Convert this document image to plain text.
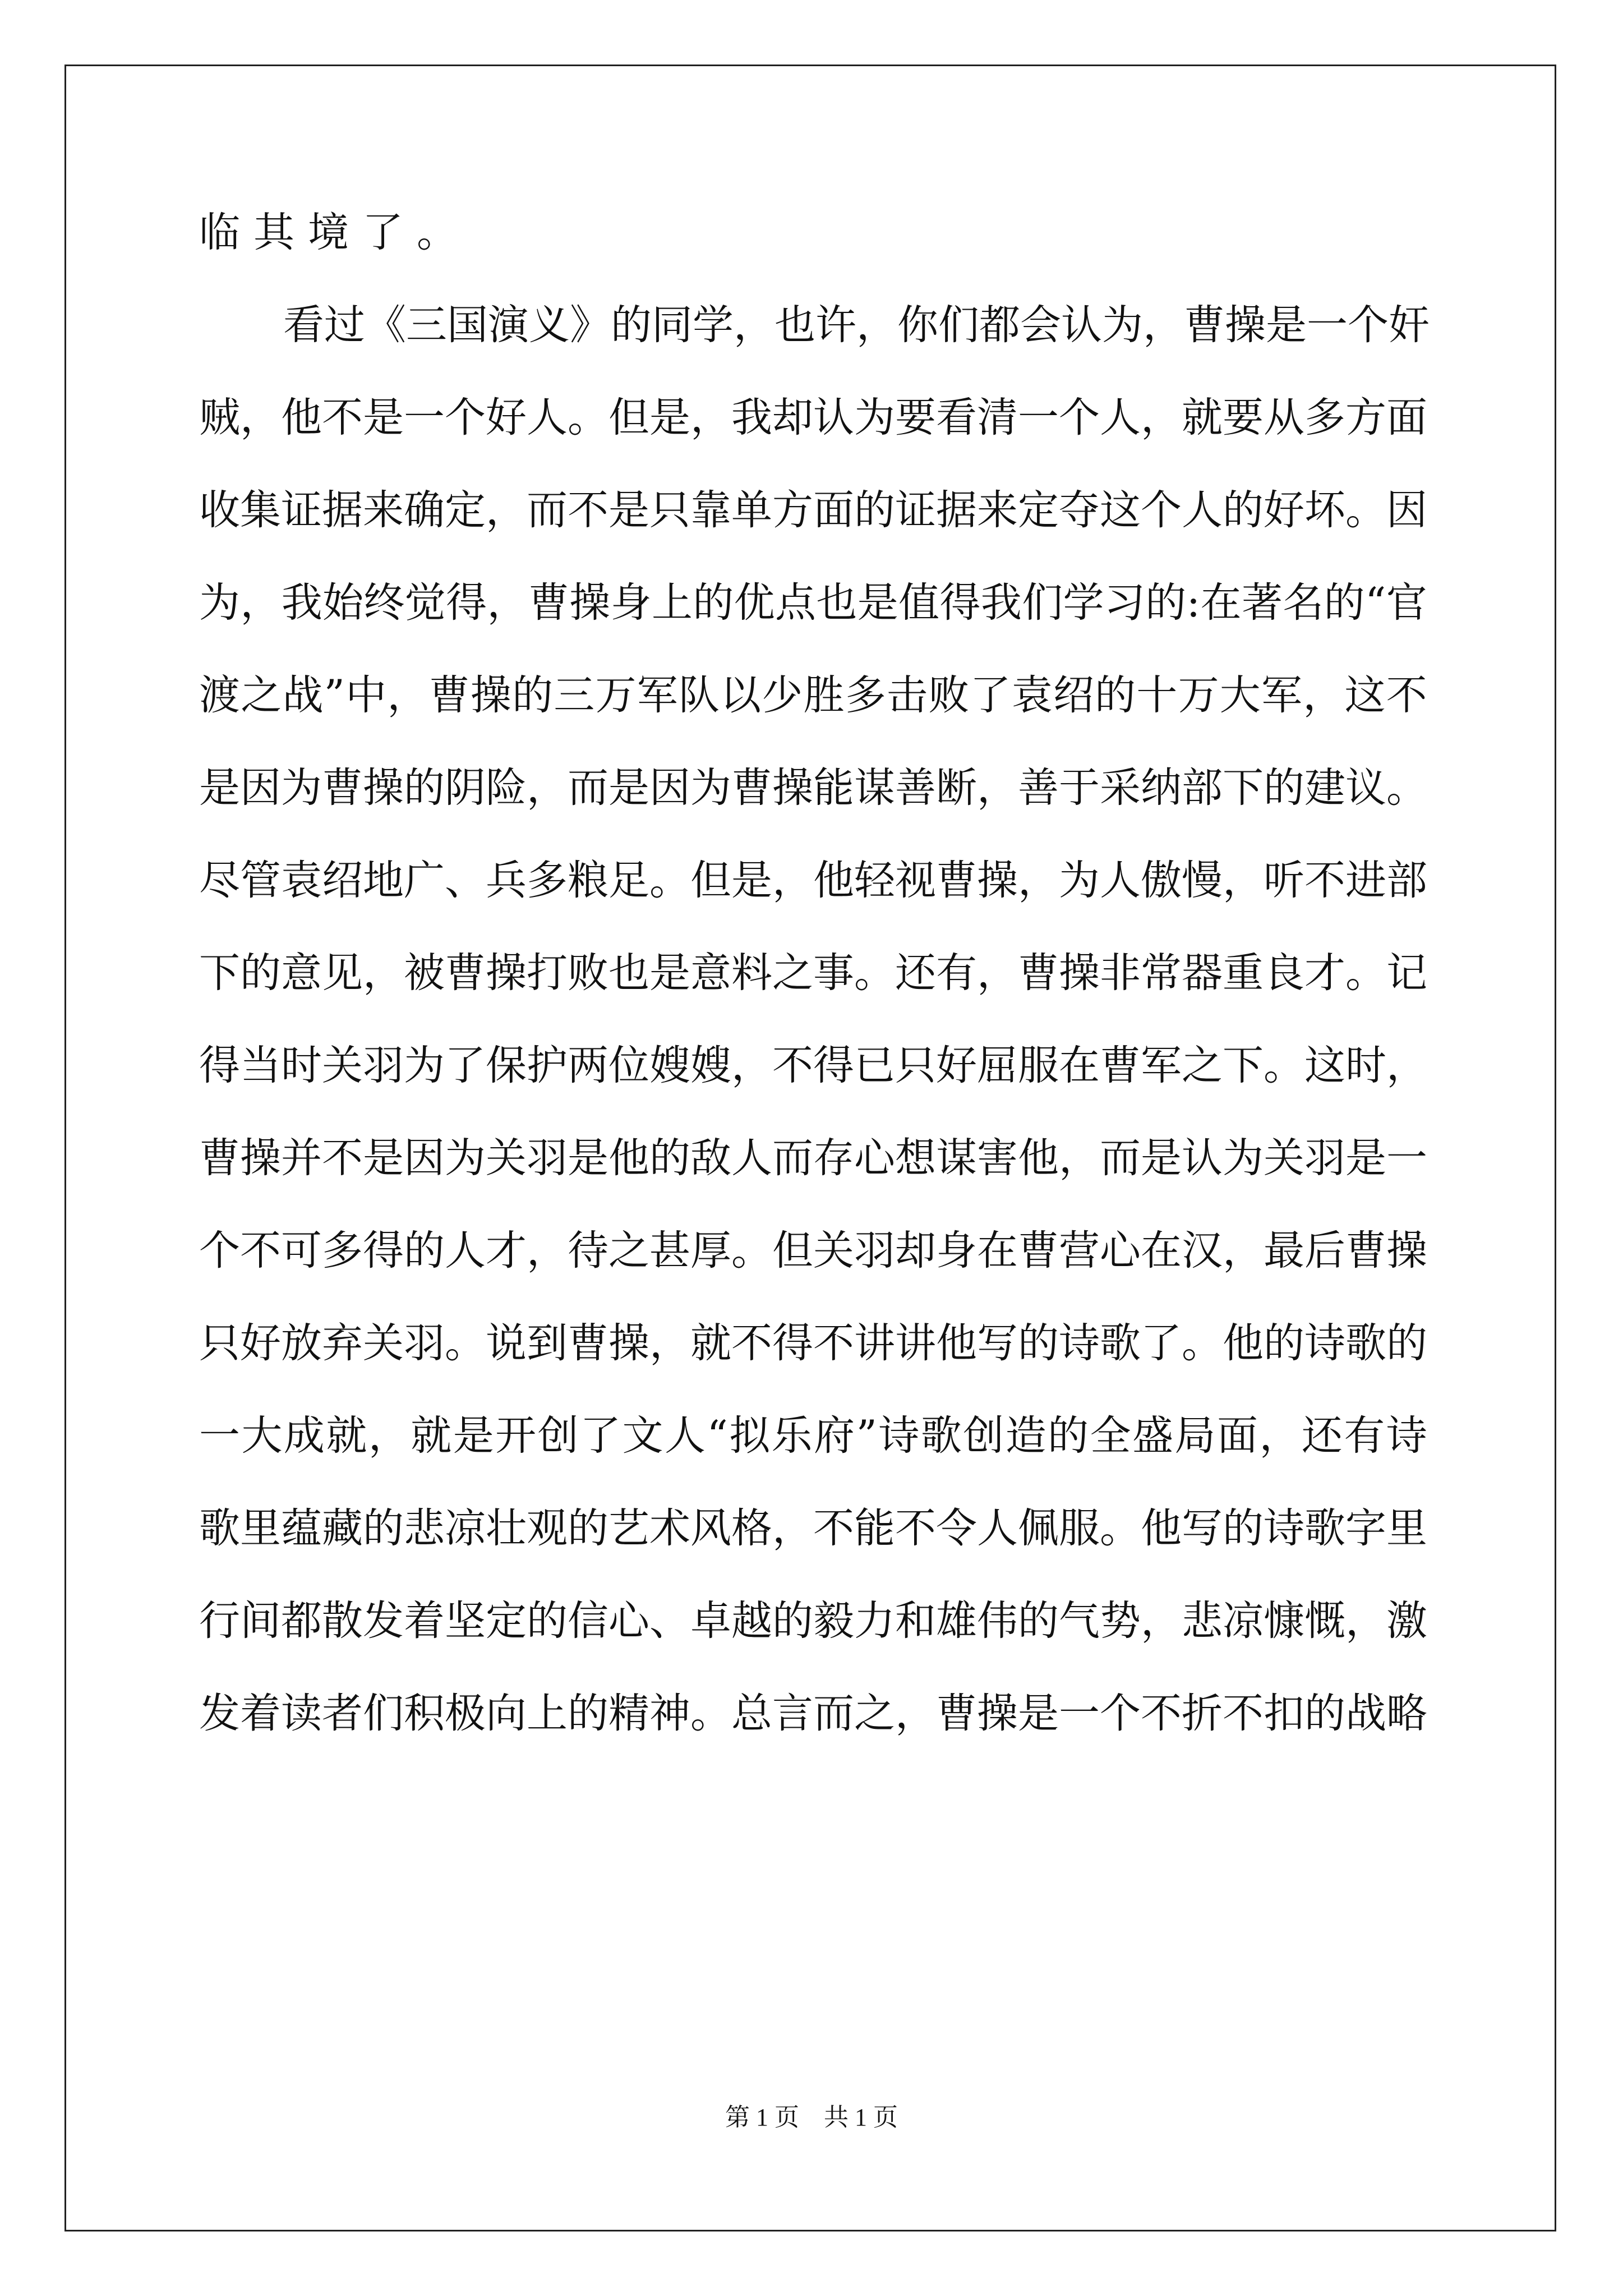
临其境了。
看 过 《 三 国 演 义 》 的 同 学 ， 也 许 ， 你 们 都 会 认 为 ， 曹 操 是 一 个 奸
贼 ， 他 不 是 一 个 好 人 。 但 是 ， 我 却 认 为 要 看 清 一 个 人 ， 就 要 从 多 方 面
收 集 证 据 来 确 定 ， 而 不 是 只 靠 单 方 面 的 证 据 来 定 夺 这 个 人 的 好 坏 。 因
为 ， 我 始 终 觉 得 ， 曹 操 身 上 的 优 点 也 是 值 得 我 们 学 习 的 : 在 著 名 的 “ 官
渡 之 战 ” 中 ， 曹 操 的 三 万 军 队 以 少 胜 多 击 败 了 袁 绍 的 十 万 大 军 ， 这 不
是 因 为 曹 操 的 阴 险 ， 而 是 因 为 曹 操 能 谋 善 断 ， 善 于 采 纳 部 下 的 建 议 。
尽 管 袁 绍 地 广 、 兵 多 粮 足 。 但 是 ， 他 轻 视 曹 操 ， 为 人 傲 慢 ， 听 不 进 部
下 的 意 见 ， 被 曹 操 打 败 也 是 意 料 之 事 。 还 有 ， 曹 操 非 常 器 重 良 才 。 记
得 当 时 关 羽 为 了 保 护 两 位 嫂 嫂 ， 不 得 已 只 好 屈 服 在 曹 军 之 下 。 这 时 ，
曹 操 并 不 是 因 为 关 羽 是 他 的 敌 人 而 存 心 想 谋 害 他 ， 而 是 认 为 关 羽 是 一
个 不 可 多 得 的 人 才 ， 待 之 甚 厚 。 但 关 羽 却 身 在 曹 营 心 在 汉 ， 最 后 曹 操
只 好 放 弃 关 羽 。 说 到 曹 操 ， 就 不 得 不 讲 讲 他 写 的 诗 歌 了 。 他 的 诗 歌 的
一 大 成 就 ， 就 是 开 创 了 文 人 “ 拟 乐 府 ” 诗 歌 创 造 的 全 盛 局 面 ， 还 有 诗
歌 里 蕴 藏 的 悲 凉 壮 观 的 艺 术 风 格 ， 不 能 不 令 人 佩 服 。 他 写 的 诗 歌 字 里
行 间 都 散 发 着 坚 定 的 信 心 、 卓 越 的 毅 力 和 雄 伟 的 气 势 ， 悲 凉 慷 慨 ， 激
发 着 读 者 们 积 极 向 上 的 精 神 。 总 言 而 之 ， 曹 操 是 一 个 不 折 不 扣 的 战 略
第 1 页　共 1 页
